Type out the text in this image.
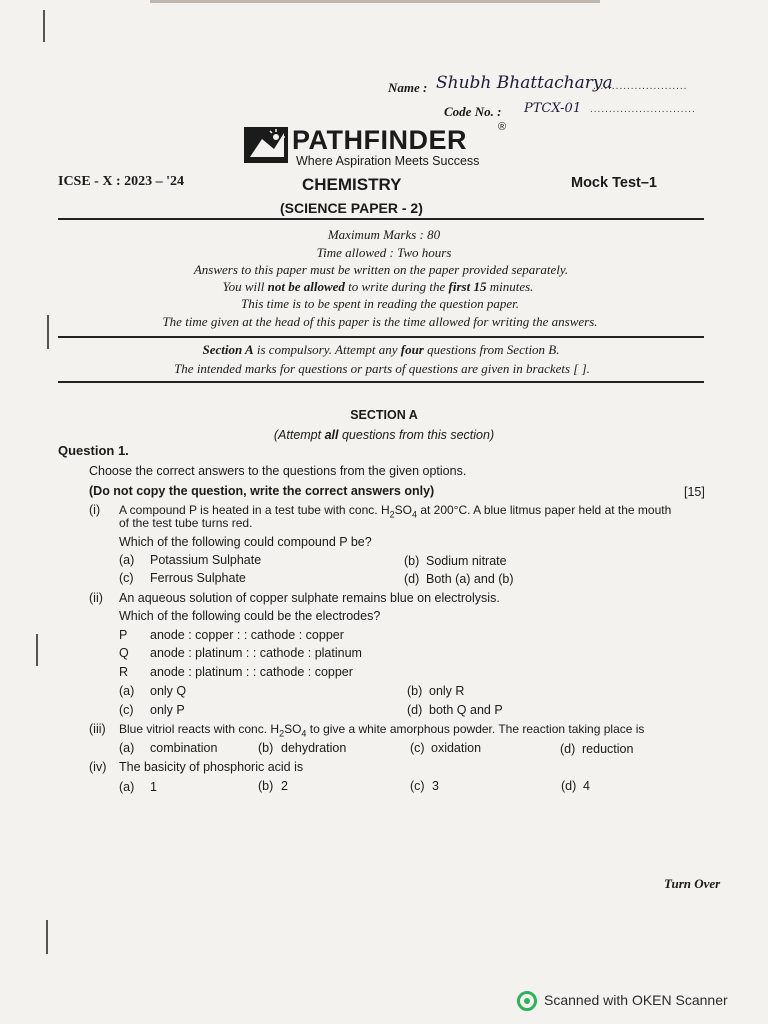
Name : Shubh Bhattacharya
.........................
Code No. : PTCX-01 ............................
PATHFINDER	®
Where Aspiration Meets Success
ICSE - X : 2023 – '24	CHEMISTRY	Mock Test–1
(SCIENCE PAPER - 2)
Maximum Marks : 80
Time allowed : Two hours
Answers to this paper must be written on the paper provided separately.
You will not be allowed to write during the first 15 minutes.
This time is to be spent in reading the question paper.
The time given at the head of this paper is the time allowed for writing the answers.
Section A is compulsory. Attempt any four questions from Section B.
The intended marks for questions or parts of questions are given in brackets [ ].
SECTION A
(Attempt all questions from this section)
Question 1.
Choose the correct answers to the questions from the given options.
(Do not copy the question, write the correct answers only)	[15]
(i) A compound P is heated in a test tube with conc. $H_2SO_4$ at 200°C. A blue litmus paper held at the mouth
of the test tube turns red.
Which of the following could compound P be?
(a) Potassium Sulphate	(b) Sodium nitrate
(c) Ferrous Sulphate	(d) Both (a) and (b)
(ii) An aqueous solution of copper sulphate remains blue on electrolysis.
Which of the following could be the electrodes?
P anode : copper : : cathode : copper
Q anode : platinum : : cathode : platinum
R anode : platinum : : cathode : copper
(a) only Q	(b) only R
(c) only P	(d) both Q and P
(iii) Blue vitriol reacts with conc. $H_2SO_4$ to give a white amorphous powder. The reaction taking place is
(a) combination	(b) dehydration	(c) oxidation	(d) reduction
(iv) The basicity of phosphoric acid is
(a) 1	(b) 2	(c) 3	(d) 4
Turn Over
Scanned with OKEN Scanner
